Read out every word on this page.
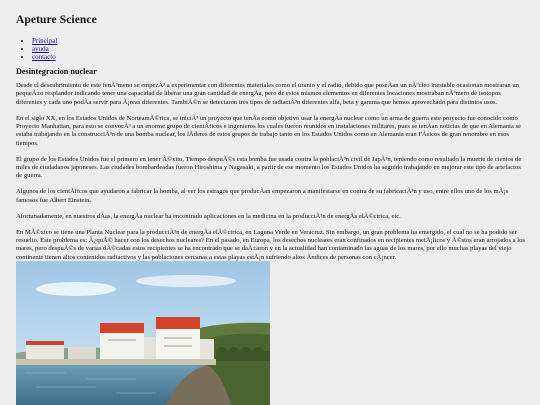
Apeture Science
• Principal
• ayuda
• contacto
Desintegracion nuclear

Desde el descubrimiento de este fenÃ³meno se empezÃ³ a experimentar con diferentes materiales como el uranio y el radio, debido que posеÃan un nÃºcleo inestable ocasionan mostraran un pequeÃ±o resplandor indicando tener una capacidad de liberar una gran cantidad de energÃa, pero de estos mismos elementos en diferentes locaciones mostraban nÃºmero de isotopos diferentes y cada uno podÃa servir para Ã¡reas diferentes. TambiÃ©n se detectaron tres tipos de radiaciÃ³n diferentes alfa, beta y gamma que hemos aprovechado para distintos usos.

En el siglo XX, en los Estados Unidos de NorteamÃ©rica, se iniciÃ³ un proyecto que tenÃa como objetivo usar la energÃa nuclear como un arma de guerra este proyecto fue conocido como Proyecto Manhattan, para esto se convocÃ³ a un enorme grupo de cientÃficos e ingenieros los cuales fueron reunidos en instalaciones militares, pues se tenÃan noticias de que en Alemania se estaba trabajando en la construcciÃ³n de una bomba nuclear, los lÃderes de estos grupos de trabajo tanto en los Estados Unidos como en Alemania eran FÃsicos de gran renombre en esos tiempos.

El grupo de los Estados Unidos fue el primero en tener Ã©xito. Tiempo despuÃ©s esta bomba fue usada contra la poblaciÃ³n civil de JapÃ³n, teniendo como resultado la muerte de cientos de miles de ciudadanos japoneses. Las ciudades bombardeadas fueron Hiroshima y Nagasaki, a partir de ese momento los Estados Unidos ha seguido trabajando en mejorar este tipo de artefactos de guerra.

Algunos de los cientÃficos que ayudaron a fabricar la bomba, al ver los estragos que producÃan empezaron a manifestarse en contra de su fabricaciÃ³n y uso, entre ellos uno de los mÃ¡s famosos fue Albert Einstein.

Afortunadamente, en nuestros dÃas, la energÃa nuclear ha encontrado aplicaciones en la medicina en la producciÃ³n de energÃa elÃ©ctrica, etc.

En MÃ©xico se tiene una Planta Nuclear para la producciÃ³n de energÃa elÃ©ctrica, en Laguna Verde en Veracruz. Sin embargo, un gran problema ha emergido, el cual no se ha podido ser resuelto. Este problema es: Â¿quÃ© hacer con los desechos nucleares? En el pasado, en Europa, los desechos nucleares eran confinados en recipientes metÃ¡licos y Ã©stos eran arrojados a los mares, pero despuÃ©s de varias dÃ©cadas estos recipientes se ha encontrado que se daÃ±aron y en la actualidad han contaminado las aguas de los mares, por ello muchas playas del viejo continente tienen altos contenidos radiactivos y las poblaciones cercanas a estas playas estÃ¡n sufriendo altos Ãndices de personas con cÃ¡ncer.
